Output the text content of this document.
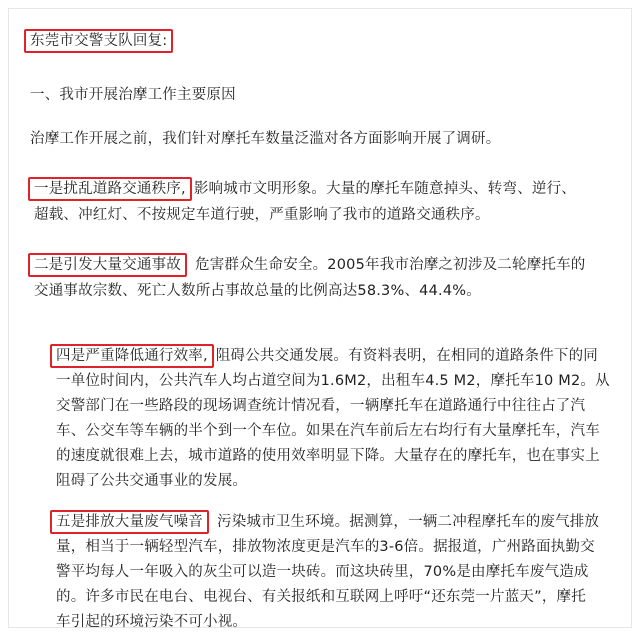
东莞市交警支队回复:

一、我市开展治摩工作主要原因

治摩工作开展之前，我们针对摩托车数量泛滥对各方面影响开展了调研。

一是扰乱道路交通秩序, 影响城市文明形象。大量的摩托车随意掉头、转弯、逆行、
超载、冲红灯、不按规定车道行驶，严重影响了我市的道路交通秩序。
二是引发大量交通事故 危害群众生命安全。2005年我市治摩之初涉及二轮摩托车的
交通事故宗数、死亡人数所占事故总量的比例高达58.3%、44.4%。
四是严重降低通行效率, 阻碍公共交通发展。有资料表明，在相同的道路条件下的同
一单位时间内，公共汽车人均占道空间为1.6M2，出租车4.5 M2，摩托车10 M2。从
交警部门在一些路段的现场调查统计情况看，一辆摩托车在道路通行中往往占了汽
车、公交车等车辆的半个到一个车位。如果在汽车前后左右均行有大量摩托车，汽车
的速度就很难上去，城市道路的使用效率明显下降。大量存在的摩托车，也在事实上
阻碍了公共交通事业的发展。
五是排放大量废气噪音 污染城市卫生环境。据测算，一辆二冲程摩托车的废气排放
量，相当于一辆轻型汽车，排放物浓度更是汽车的3-6倍。据报道，广州路面执勤交
警平均每人一年吸入的灰尘可以造一块砖。而这块砖里，70%是由摩托车废气造成
的。许多市民在电台、电视台、有关报纸和互联网上呼吁“还东莞一片蓝天”，摩托
车引起的环境污染不可小视。
